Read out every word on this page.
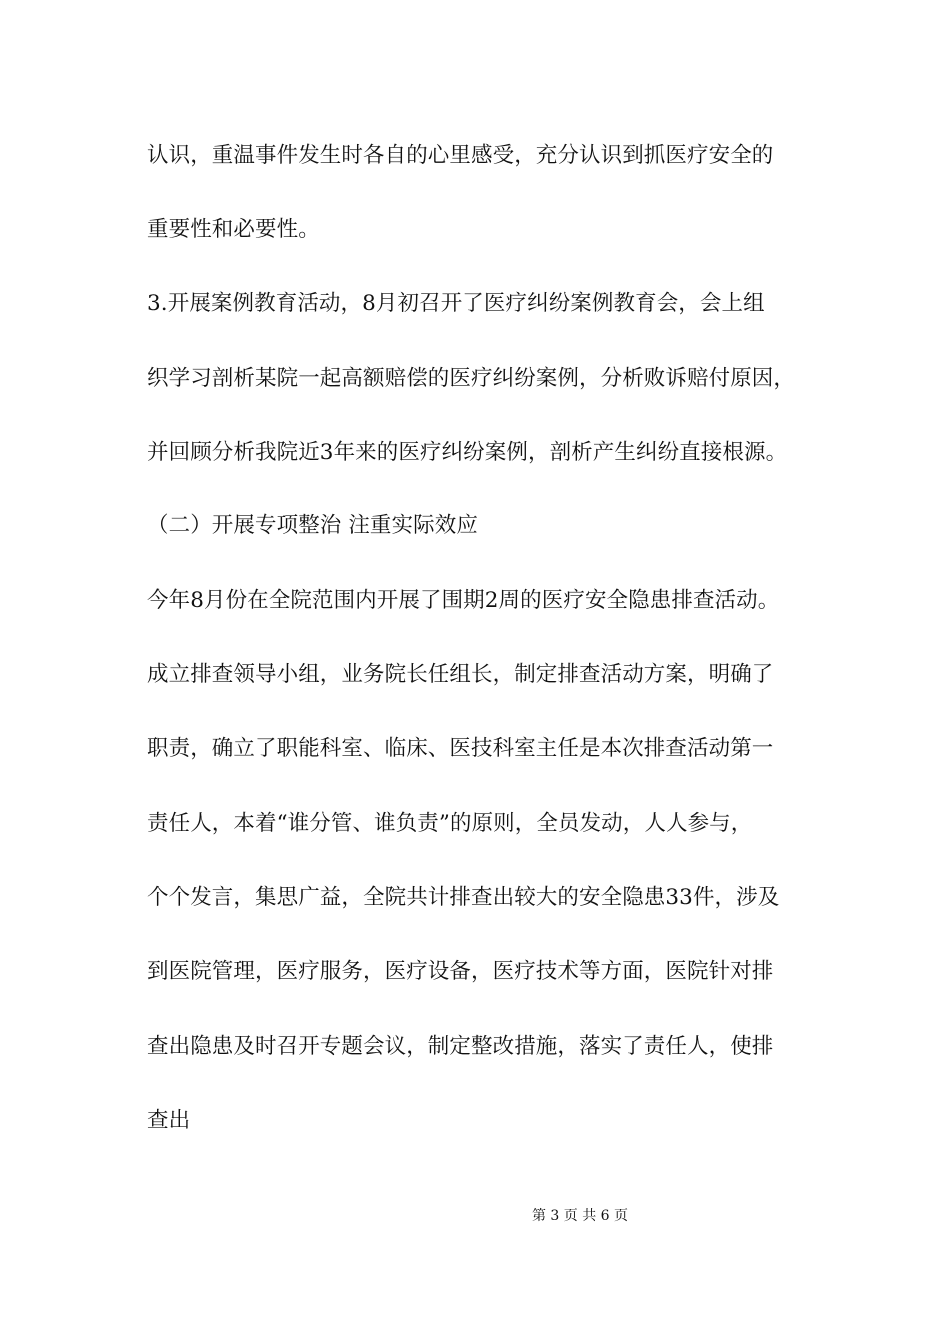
认识，重温事件发生时各自的心里感受，充分认识到抓医疗安全的
重要性和必要性。
3.开展案例教育活动，8月初召开了医疗纠纷案例教育会，会上组
织学习剖析某院一起高额赔偿的医疗纠纷案例，分析败诉赔付原因，
并回顾分析我院近3年来的医疗纠纷案例，剖析产生纠纷直接根源。
（二）开展专项整治 注重实际效应
今年8月份在全院范围内开展了围期2周的医疗安全隐患排查活动。
成立排查领导小组，业务院长任组长，制定排查活动方案，明确了
职责，确立了职能科室、临床、医技科室主任是本次排查活动第一
责任人，本着“谁分管、谁负责”的原则，全员发动，人人参与，
个个发言，集思广益，全院共计排查出较大的安全隐患33件，涉及
到医院管理，医疗服务，医疗设备，医疗技术等方面，医院针对排
查出隐患及时召开专题会议，制定整改措施，落实了责任人，使排
查出
第 3 页 共 6 页
